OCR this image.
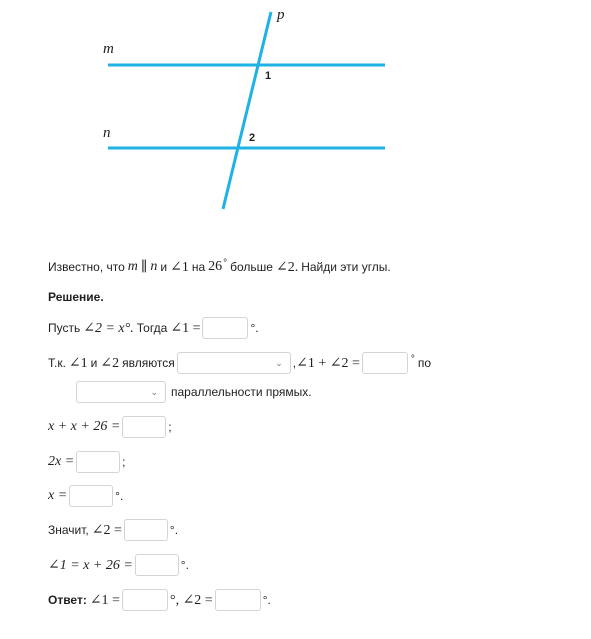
p
m
n
1
2
Известно, что m ∥ n и ∠1 на 26 ° больше ∠2. Найди эти углы.
Решение.
Пусть ∠2 = x°. Тогда ∠1 =	°.
Т.к. ∠1 и ∠2 являются	⌄ , ∠1 + ∠2 =	° по
⌄ параллельности прямых.
x + x + 26 =	;
2x =	;
x =	°.
Значит, ∠2 =	°.
∠1 = x + 26 =	°.
Ответ: ∠1 =	°, ∠2 =	°.
